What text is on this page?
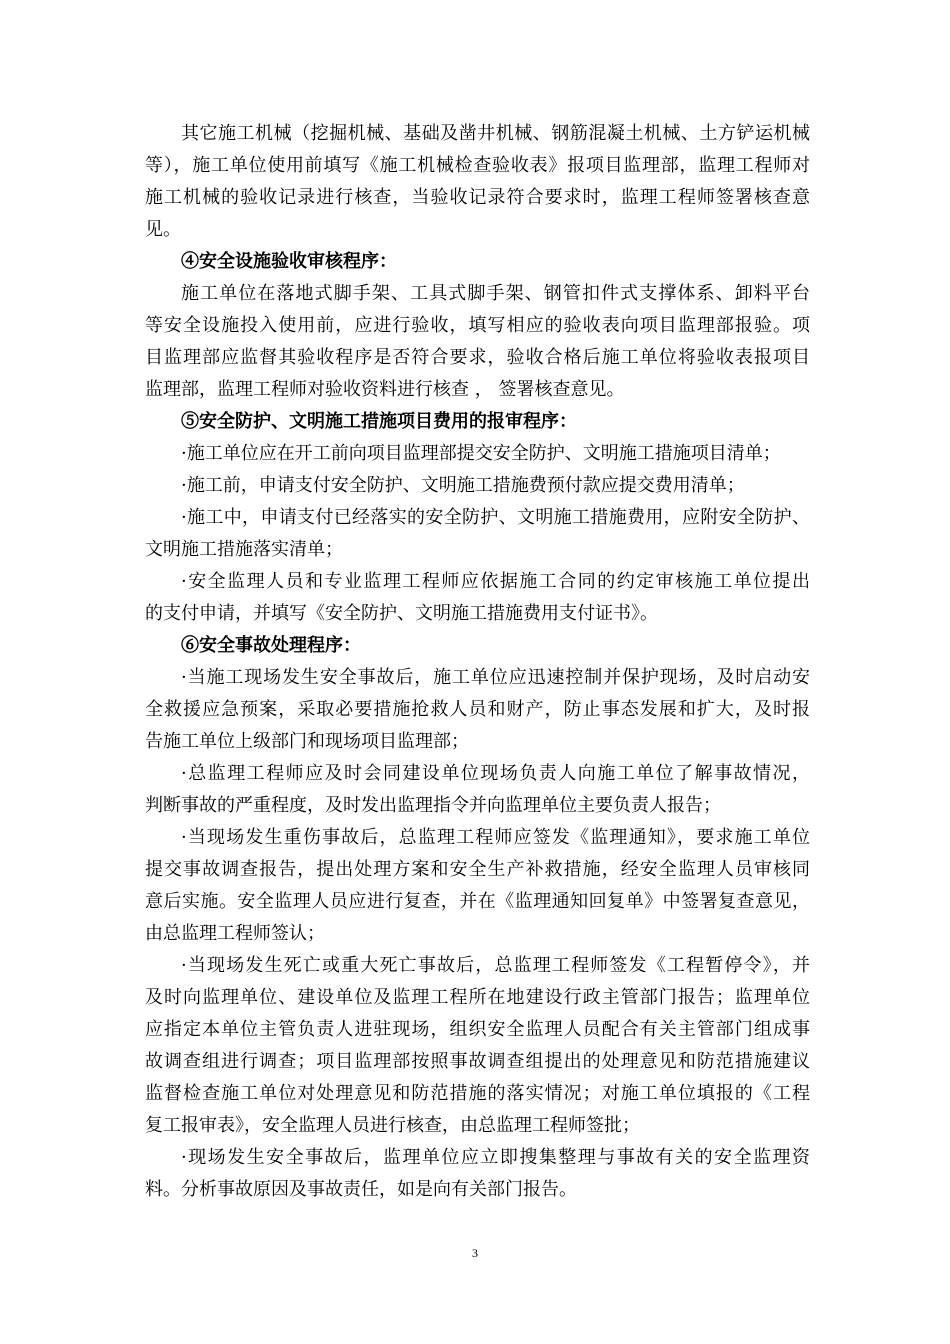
其它施工机械（挖掘机械、基础及凿井机械、钢筋混凝土机械、土方铲运机械
等），施工单位使用前填写《施工机械检查验收表》报项目监理部，监理工程师对
施工机械的验收记录进行核查，当验收记录符合要求时，监理工程师签署核查意
见。
④安全设施验收审核程序：
施工单位在落地式脚手架、工具式脚手架、钢管扣件式支撑体系、卸料平台
等安全设施投入使用前，应进行验收，填写相应的验收表向项目监理部报验。项
目监理部应监督其验收程序是否符合要求，验收合格后施工单位将验收表报项目
监理部，监理工程师对验收资料进行核查 ， 签署核查意见。
⑤安全防护、文明施工措施项目费用的报审程序：
·施工单位应在开工前向项目监理部提交安全防护、文明施工措施项目清单；
·施工前，申请支付安全防护、文明施工措施费预付款应提交费用清单；
·施工中，申请支付已经落实的安全防护、文明施工措施费用，应附安全防护、
文明施工措施落实清单；
·安全监理人员和专业监理工程师应依据施工合同的约定审核施工单位提出
的支付申请，并填写《安全防护、文明施工措施费用支付证书》。
⑥安全事故处理程序：
·当施工现场发生安全事故后，施工单位应迅速控制并保护现场，及时启动安
全救援应急预案，采取必要措施抢救人员和财产，防止事态发展和扩大，及时报
告施工单位上级部门和现场项目监理部；
·总监理工程师应及时会同建设单位现场负责人向施工单位了解事故情况，
判断事故的严重程度，及时发出监理指令并向监理单位主要负责人报告；
·当现场发生重伤事故后，总监理工程师应签发《监理通知》，要求施工单位
提交事故调查报告，提出处理方案和安全生产补救措施，经安全监理人员审核同
意后实施。安全监理人员应进行复查，并在《监理通知回复单》中签署复查意见，
由总监理工程师签认；
·当现场发生死亡或重大死亡事故后，总监理工程师签发《工程暂停令》，并
及时向监理单位、建设单位及监理工程所在地建设行政主管部门报告；监理单位
应指定本单位主管负责人进驻现场，组织安全监理人员配合有关主管部门组成事
故调查组进行调查；项目监理部按照事故调查组提出的处理意见和防范措施建议
监督检查施工单位对处理意见和防范措施的落实情况；对施工单位填报的《工程
复工报审表》，安全监理人员进行核查，由总监理工程师签批；
·现场发生安全事故后，监理单位应立即搜集整理与事故有关的安全监理资
料。分析事故原因及事故责任，如是向有关部门报告。
3
